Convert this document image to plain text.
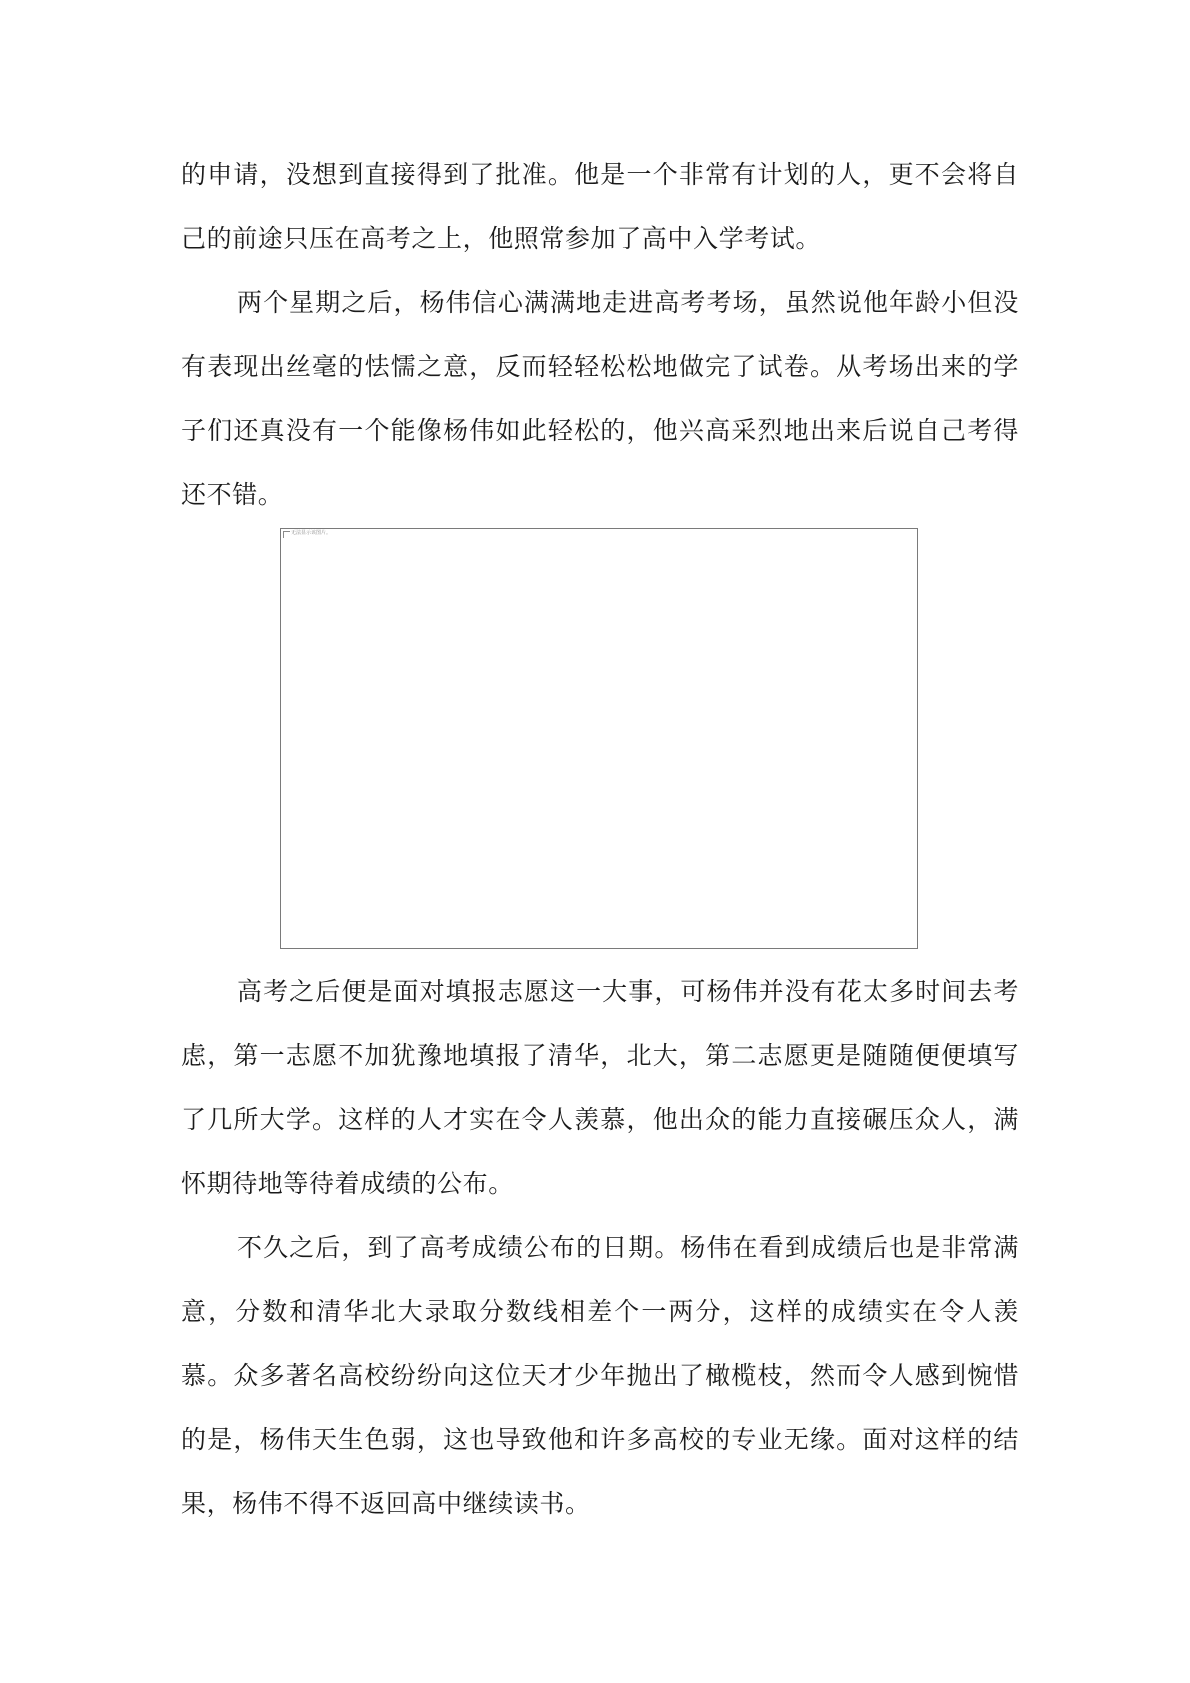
的申请，没想到直接得到了批准。他是一个非常有计划的人，更不会将自己的前途只压在高考之上，他照常参加了高中入学考试。

两个星期之后，杨伟信心满满地走进高考考场，虽然说他年龄小但没有表现出丝毫的怯懦之意，反而轻轻松松地做完了试卷。从考场出来的学子们还真没有一个能像杨伟如此轻松的，他兴高采烈地出来后说自己考得还不错。

无法显示该图片。

高考之后便是面对填报志愿这一大事，可杨伟并没有花太多时间去考虑，第一志愿不加犹豫地填报了清华，北大，第二志愿更是随随便便填写了几所大学。这样的人才实在令人羡慕，他出众的能力直接碾压众人，满怀期待地等待着成绩的公布。

不久之后，到了高考成绩公布的日期。杨伟在看到成绩后也是非常满意，分数和清华北大录取分数线相差个一两分，这样的成绩实在令人羡慕。众多著名高校纷纷向这位天才少年抛出了橄榄枝，然而令人感到惋惜的是，杨伟天生色弱，这也导致他和许多高校的专业无缘。面对这样的结果，杨伟不得不返回高中继续读书。
